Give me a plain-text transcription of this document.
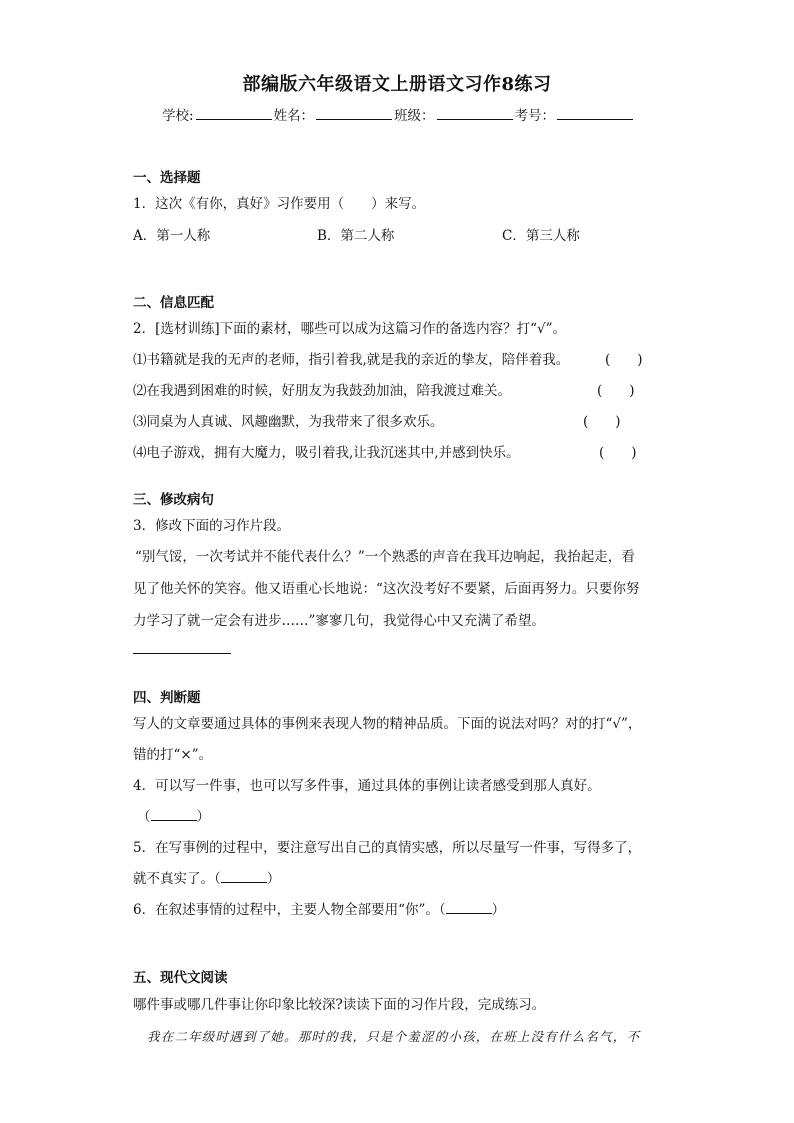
部编版六年级语文上册语文习作8练习
学校:	姓名：	班级：	考号：
一、选择题
1．这次《有你，真好》习作要用（　　）来写。
A．第一人称	B．第二人称	C．第三人称
二、信息匹配
2．[选材训练]下面的素材，哪些可以成为这篇习作的备选内容？打“√”。
⑴书籍就是我的无声的老师，指引着我,就是我的亲近的挚友，陪伴着我。	(　　)
⑵在我遇到困难的时候，好朋友为我鼓劲加油，陪我渡过难关。	(　　)
⑶同桌为人真诚、风趣幽默，为我带来了很多欢乐。	(　　)
⑷电子游戏，拥有大魔力，吸引着我,让我沉迷其中,并感到快乐。	(　　)
三、修改病句
3．修改下面的习作片段。
“别气馁，一次考试并不能代表什么？”一个熟悉的声音在我耳边响起，我抬起走，看
见了他关怀的笑容。他又语重心长地说：“这次没考好不要紧，后面再努力。只要你努
力学习了就一定会有进步……”寥寥几句，我觉得心中又充满了希望。
四、判断题
写人的文章要通过具体的事例来表现人物的精神品质。下面的说法对吗？对的打“√”，
错的打“×”。
4．可以写一件事，也可以写多件事，通过具体的事例让读者感受到那人真好。
（	）
5．在写事例的过程中，要注意写出自己的真情实感，所以尽量写一件事，写得多了，
就不真实了。（	）
6．在叙述事情的过程中，主要人物全部要用“你”。（	）
五、现代文阅读
哪件事或哪几件事让你印象比较深?读读下面的习作片段，完成练习。
我在二年级时遇到了她。那时的我，只是个羞涩的小孩，在班上没有什么名气，不
